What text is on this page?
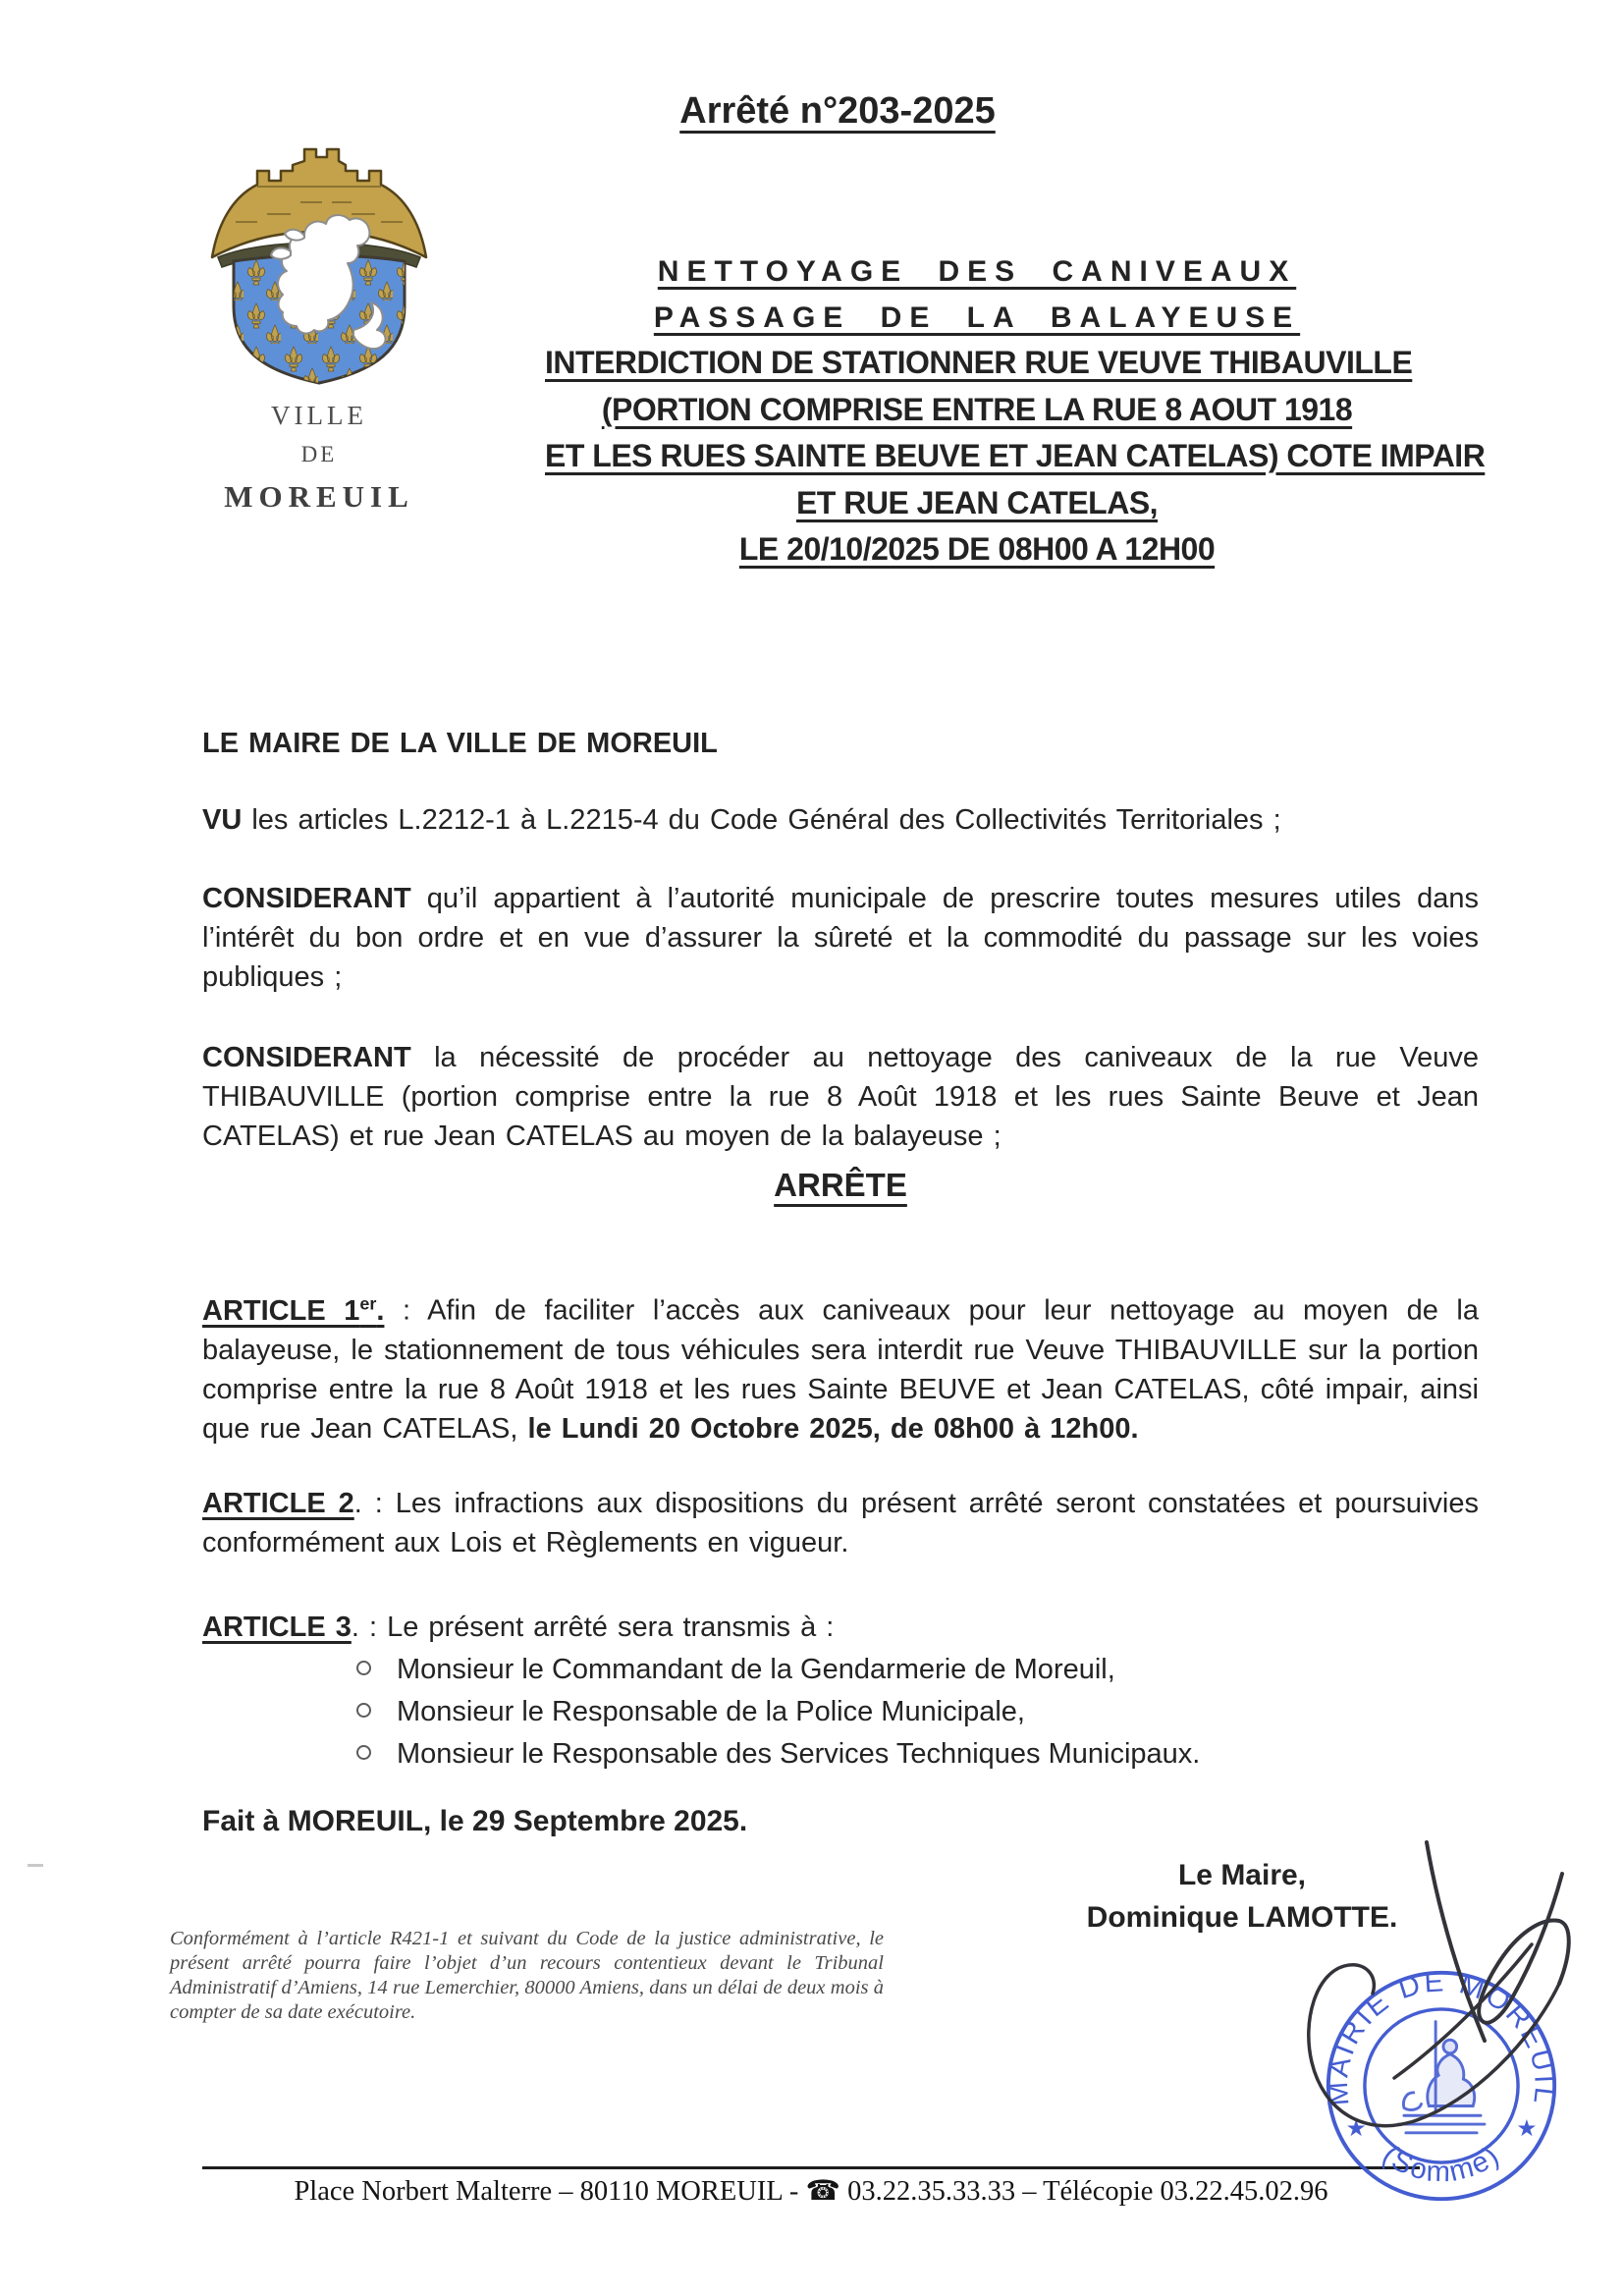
Arrêté n°203-2025
VILLE
DE
MOREUIL
NETTOYAGE DES CANIVEAUX
PASSAGE DE LA BALAYEUSE
INTERDICTION DE STATIONNER RUE VEUVE THIBAUVILLE
(PORTION COMPRISE ENTRE LA RUE 8 AOUT 1918
ET LES RUES SAINTE BEUVE ET JEAN CATELAS) COTE IMPAIR
ET RUE JEAN CATELAS,
LE 20/10/2025 DE 08H00 A 12H00

LE MAIRE DE LA VILLE DE MOREUIL

VU les articles L.2212-1 à L.2215-4 du Code Général des Collectivités Territoriales ;

CONSIDERANT qu’il appartient à l’autorité municipale de prescrire toutes mesures utiles dans l’intérêt du bon ordre et en vue d’assurer la sûreté et la commodité du passage sur les voies publiques ;

CONSIDERANT la nécessité de procéder au nettoyage des caniveaux de la rue Veuve THIBAUVILLE (portion comprise entre la rue 8 Août 1918 et les rues Sainte Beuve et Jean CATELAS) et rue Jean CATELAS au moyen de la balayeuse ;

ARRÊTE

ARTICLE 1er. : Afin de faciliter l’accès aux caniveaux pour leur nettoyage au moyen de la balayeuse, le stationnement de tous véhicules sera interdit rue Veuve THIBAUVILLE sur la portion comprise entre la rue 8 Août 1918 et les rues Sainte BEUVE et Jean CATELAS, côté impair, ainsi que rue Jean CATELAS, le Lundi 20 Octobre 2025, de 08h00 à 12h00.

ARTICLE 2. : Les infractions aux dispositions du présent arrêté seront constatées et poursuivies conformément aux Lois et Règlements en vigueur.

ARTICLE 3. : Le présent arrêté sera transmis à :

Monsieur le Commandant de la Gendarmerie de Moreuil,
Monsieur le Responsable de la Police Municipale,
Monsieur le Responsable des Services Techniques Municipaux.
Fait à MOREUIL, le 29 Septembre 2025.
Le Maire,
Dominique LAMOTTE.

Conformément à l’article R421-1 et suivant du Code de la justice administrative, le présent arrêté pourra faire l’objet d’un recours contentieux devant le Tribunal Administratif d’Amiens, 14 rue Lemerchier, 80000 Amiens, dans un délai de deux mois à compter de sa date exécutoire.

Place Norbert Malterre – 80110 MOREUIL - ☎ 03.22.35.33.33 – Télécopie 03.22.45.02.96
MAIRIE DE MOREUIL
(Somme)
★	★
